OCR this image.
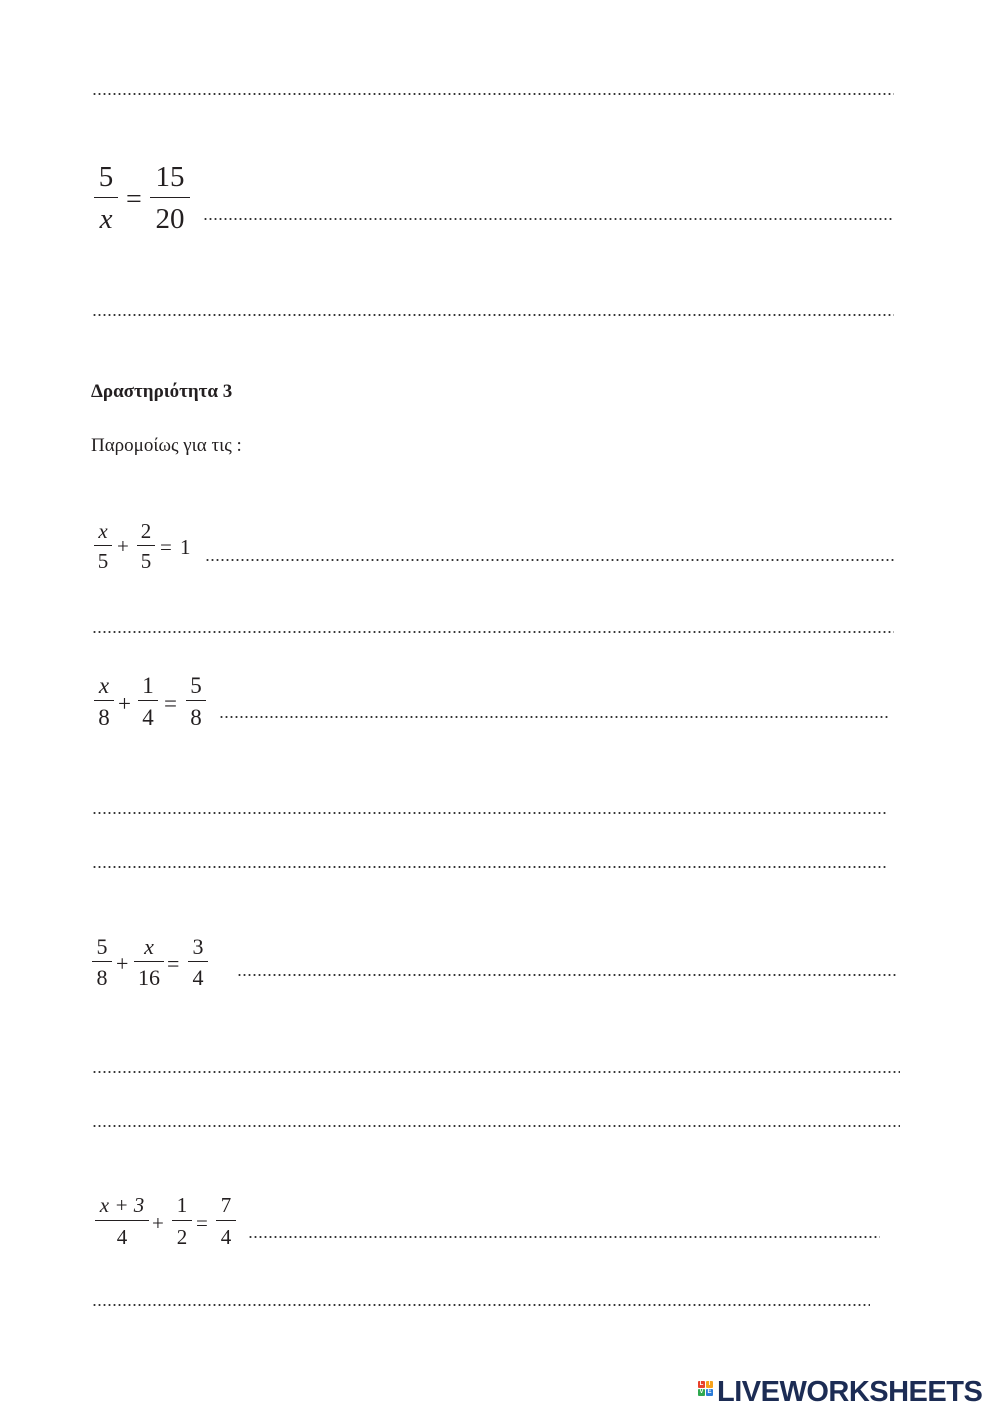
5
x
=
15
20
Δραστηριότητα 3
Παρομοίως για τις :
x
5
+
2
5
= 1
x
8
+
1
4
=
5
8
5
8
+
x
16
=
3
4
x + 3
4
+
1
2
=
7
4
L I
V E LIVEWORKSHEETS
